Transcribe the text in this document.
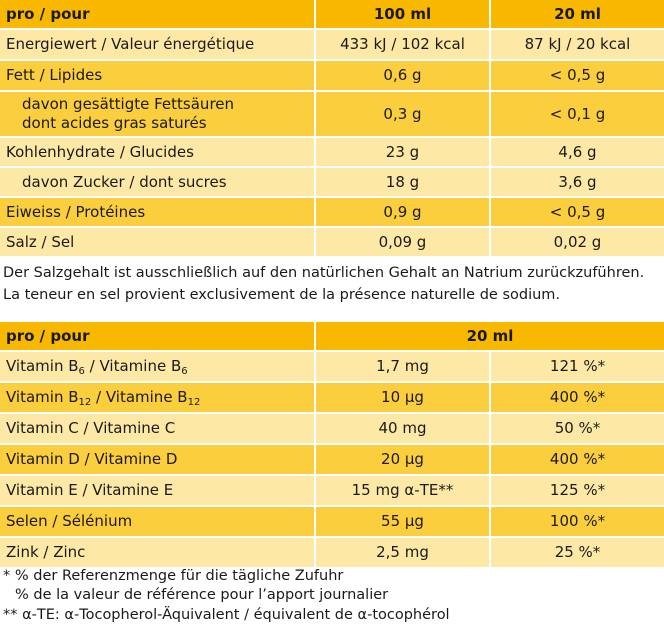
pro / pour	100 ml	20 ml
Energiewert / Valeur énergétique	433 kJ / 102 kcal	87 kJ / 20 kcal
Fett / Lipides	0,6 g	< 0,5 g
davon gesättigte Fettsäuren
dont acides gras saturés	0,3 g	< 0,1 g
Kohlenhydrate / Glucides	23 g	4,6 g
davon Zucker / dont sucres	18 g	3,6 g
Eiweiss / Protéines	0,9 g	< 0,5 g
Salz / Sel	0,09 g	0,02 g
Der Salzgehalt ist ausschließlich auf den natürlichen Gehalt an Natrium zurückzuführen.
La teneur en sel provient exclusivement de la présence naturelle de sodium.
pro / pour	20 ml	
Vitamin $B_6$ / Vitamine $B_6$	1,7 mg	121 %*
Vitamin $B_{12}$ / Vitamine $B_{12}$	10 µg	400 %*
Vitamin C / Vitamine C	40 mg	50 %*
Vitamin D / Vitamine D	20 µg	400 %*
Vitamin E / Vitamine E	15 mg α-TE**	125 %*
Selen / Sélénium	55 µg	100 %*
Zink / Zinc	2,5 mg	25 %*
* % der Referenzmenge für die tägliche Zufuhr
% de la valeur de référence pour l’apport journalier
** α-TE: α-Tocopherol-Äquivalent / équivalent de α-tocophérol
